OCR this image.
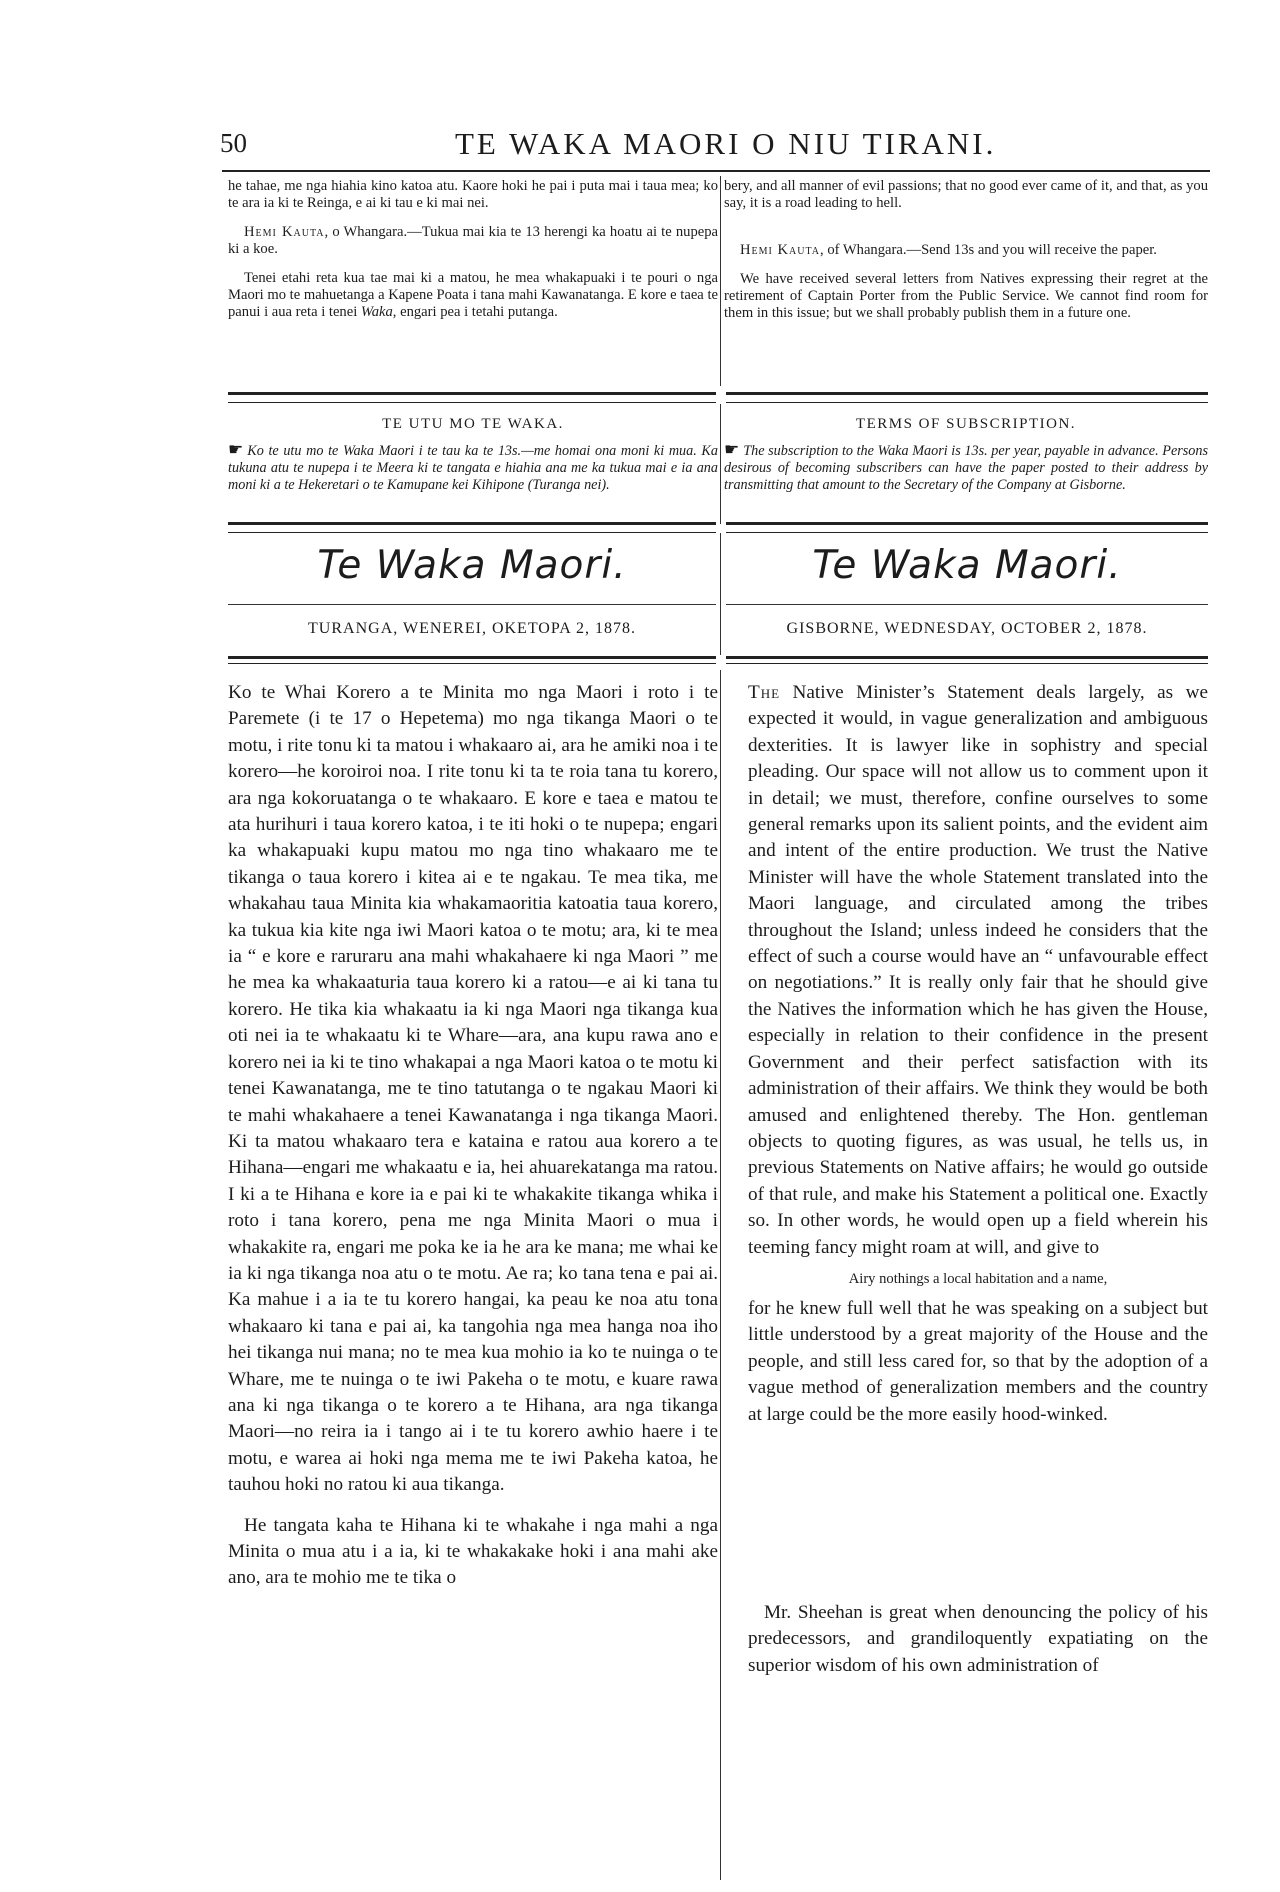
50	TE WAKA MAORI O NIU TIRANI.

he tahae, me nga hiahia kino katoa atu. Kaore hoki he pai i puta mai i taua mea; ko te ara ia ki te Reinga, e ai ki tau e ki mai nei.

Hemi Kauta, o Whangara.—Tukua mai kia te 13 herengi ka hoatu ai te nupepa ki a koe.

Tenei etahi reta kua tae mai ki a matou, he mea whakapuaki i te pouri o nga Maori mo te mahuetanga a Kapene Poata i tana mahi Kawanatanga. E kore e taea te panui i aua reta i tenei Waka, engari pea i tetahi putanga.

bery, and all manner of evil passions; that no good ever came of it, and that, as you say, it is a road leading to hell.

Hemi Kauta, of Whangara.—Send 13s and you will receive the paper.

We have received several letters from Natives expressing their regret at the retirement of Captain Porter from the Public Service. We cannot find room for them in this issue; but we shall probably publish them in a future one.

TE UTU MO TE WAKA.

☛ Ko te utu mo te Waka Maori i te tau ka te 13s.—me homai ona moni ki mua. Ka tukuna atu te nupepa i te Meera ki te tangata e hiahia ana me ka tukua mai e ia ana moni ki a te Hekeretari o te Kamupane kei Kihipone (Turanga nei).

TERMS OF SUBSCRIPTION.

☛ The subscription to the Waka Maori is 13s. per year, payable in advance. Persons desirous of becoming subscribers can have the paper posted to their address by transmitting that amount to the Secretary of the Company at Gisborne.

Te Waka Maori.	Te Waka Maori.
TURANGA, WENEREI, OKETOPA 2, 1878.	GISBORNE, WEDNESDAY, OCTOBER 2, 1878.

Ko te Whai Korero a te Minita mo nga Maori i roto i te Paremete (i te 17 o Hepetema) mo nga tikanga Maori o te motu, i rite tonu ki ta matou i whakaaro ai, ara he amiki noa i te korero—he koroiroi noa. I rite tonu ki ta te roia tana tu korero, ara nga kokoruatanga o te whakaaro. E kore e taea e matou te ata hurihuri i taua korero katoa, i te iti hoki o te nupepa; engari ka whakapuaki kupu matou mo nga tino whakaaro me te tikanga o taua korero i kitea ai e te ngakau. Te mea tika, me whakahau taua Minita kia whakamaoritia katoatia taua korero, ka tukua kia kite nga iwi Maori katoa o te motu; ara, ki te mea ia “ e kore e raruraru ana mahi whakahaere ki nga Maori ” me he mea ka whakaaturia taua korero ki a ratou—e ai ki tana tu korero. He tika kia whakaatu ia ki nga Maori nga tikanga kua oti nei ia te whakaatu ki te Whare—ara, ana kupu rawa ano e korero nei ia ki te tino whakapai a nga Maori katoa o te motu ki tenei Kawanatanga, me te tino tatutanga o te ngakau Maori ki te mahi whakahaere a tenei Kawanatanga i nga tikanga Maori. Ki ta matou whakaaro tera e kataina e ratou aua korero a te Hihana—engari me whakaatu e ia, hei ahuarekatanga ma ratou. I ki a te Hihana e kore ia e pai ki te whakakite tikanga whika i roto i tana korero, pena me nga Minita Maori o mua i whakakite ra, engari me poka ke ia he ara ke mana; me whai ke ia ki nga tikanga noa atu o te motu. Ae ra; ko tana tena e pai ai. Ka mahue i a ia te tu korero hangai, ka peau ke noa atu tona whakaaro ki tana e pai ai, ka tangohia nga mea hanga noa iho hei tikanga nui mana; no te mea kua mohio ia ko te nuinga o te Whare, me te nuinga o te iwi Pakeha o te motu, e kuare rawa ana ki nga tikanga o te korero a te Hihana, ara nga tikanga Maori—no reira ia i tango ai i te tu korero awhio haere i te motu, e warea ai hoki nga mema me te iwi Pakeha katoa, he tauhou hoki no ratou ki aua tikanga.

He tangata kaha te Hihana ki te whakahe i nga mahi a nga Minita o mua atu i a ia, ki te whakakake hoki i ana mahi ake ano, ara te mohio me te tika o

The Native Minister’s Statement deals largely, as we expected it would, in vague generalization and ambiguous dexterities. It is lawyer like in sophistry and special pleading. Our space will not allow us to comment upon it in detail; we must, therefore, confine ourselves to some general remarks upon its salient points, and the evident aim and intent of the entire production. We trust the Native Minister will have the whole Statement translated into the Maori language, and circulated among the tribes throughout the Island; unless indeed he considers that the effect of such a course would have an “ unfavourable effect on negotiations.” It is really only fair that he should give the Natives the information which he has given the House, especially in relation to their confidence in the present Government and their perfect satisfaction with its administration of their affairs. We think they would be both amused and enlightened thereby. The Hon. gentleman objects to quoting figures, as was usual, he tells us, in previous Statements on Native affairs; he would go outside of that rule, and make his Statement a political one. Exactly so. In other words, he would open up a field wherein his teeming fancy might roam at will, and give to

Airy nothings a local habitation and a name,

for he knew full well that he was speaking on a subject but little understood by a great majority of the House and the people, and still less cared for, so that by the adoption of a vague method of generalization members and the country at large could be the more easily hood-winked.

Mr. Sheehan is great when denouncing the policy of his predecessors, and grandiloquently expatiating on the superior wisdom of his own administration of
